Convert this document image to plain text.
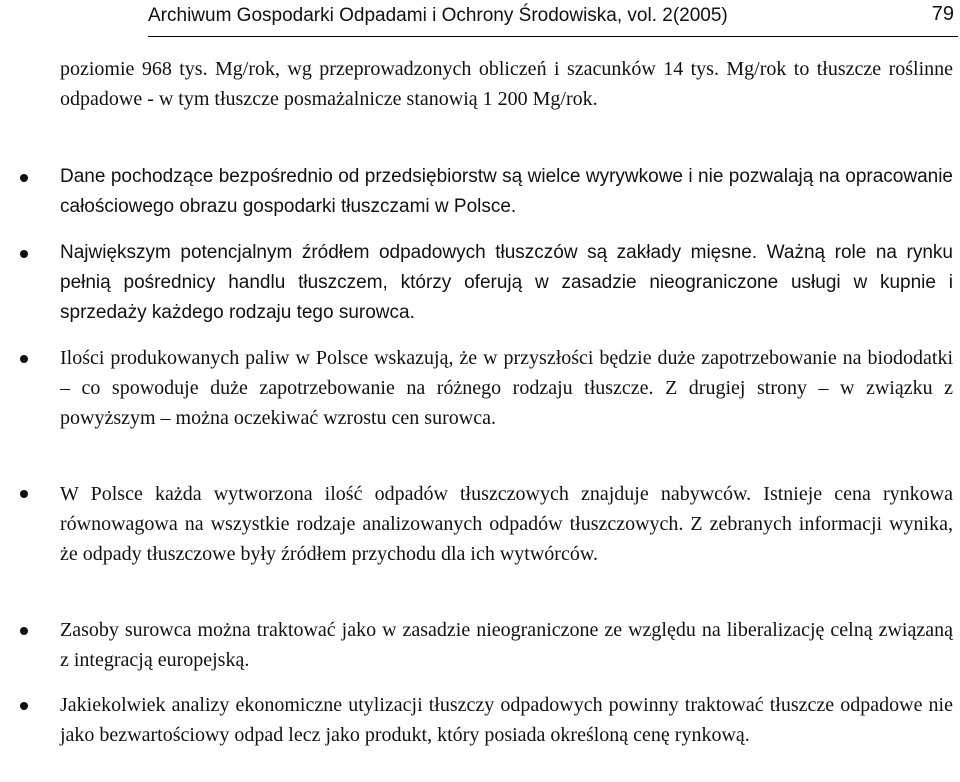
Archiwum Gospodarki Odpadami i Ochrony Środowiska, vol. 2(2005)	79

poziomie 968 tys. Mg/rok, wg przeprowadzonych obliczeń i szacunków 14 tys. Mg/rok to tłuszcze roślinne odpadowe - w tym tłuszcze posmażalnicze stanowią 1 200 Mg/rok.

Dane pochodzące bezpośrednio od przedsiębiorstw są wielce wyrywkowe i nie pozwalają na opracowanie całościowego obrazu gospodarki tłuszczami w Polsce.

Największym potencjalnym źródłem odpadowych tłuszczów są zakłady mięsne. Ważną role na rynku pełnią pośrednicy handlu tłuszczem, którzy oferują w zasadzie nieograniczone usługi w kupnie i sprzedaży każdego rodzaju tego surowca.

Ilości produkowanych paliw w Polsce wskazują, że w przyszłości będzie duże zapotrzebowanie na biododatki – co spowoduje duże zapotrzebowanie na różnego rodzaju tłuszcze. Z drugiej strony – w związku z powyższym – można oczekiwać wzrostu cen surowca.

W Polsce każda wytworzona ilość odpadów tłuszczowych znajduje nabywców. Istnieje cena rynkowa równowagowa na wszystkie rodzaje analizowanych odpadów tłuszczowych. Z zebranych informacji wynika, że odpady tłuszczowe były źródłem przychodu dla ich wytwórców.

Zasoby surowca można traktować jako w zasadzie nieograniczone ze względu na liberalizację celną związaną z integracją europejską.

Jakiekolwiek analizy ekonomiczne utylizacji tłuszczy odpadowych powinny traktować tłuszcze odpadowe nie jako bezwartościowy odpad lecz jako produkt, który posiada określoną cenę rynkową.
